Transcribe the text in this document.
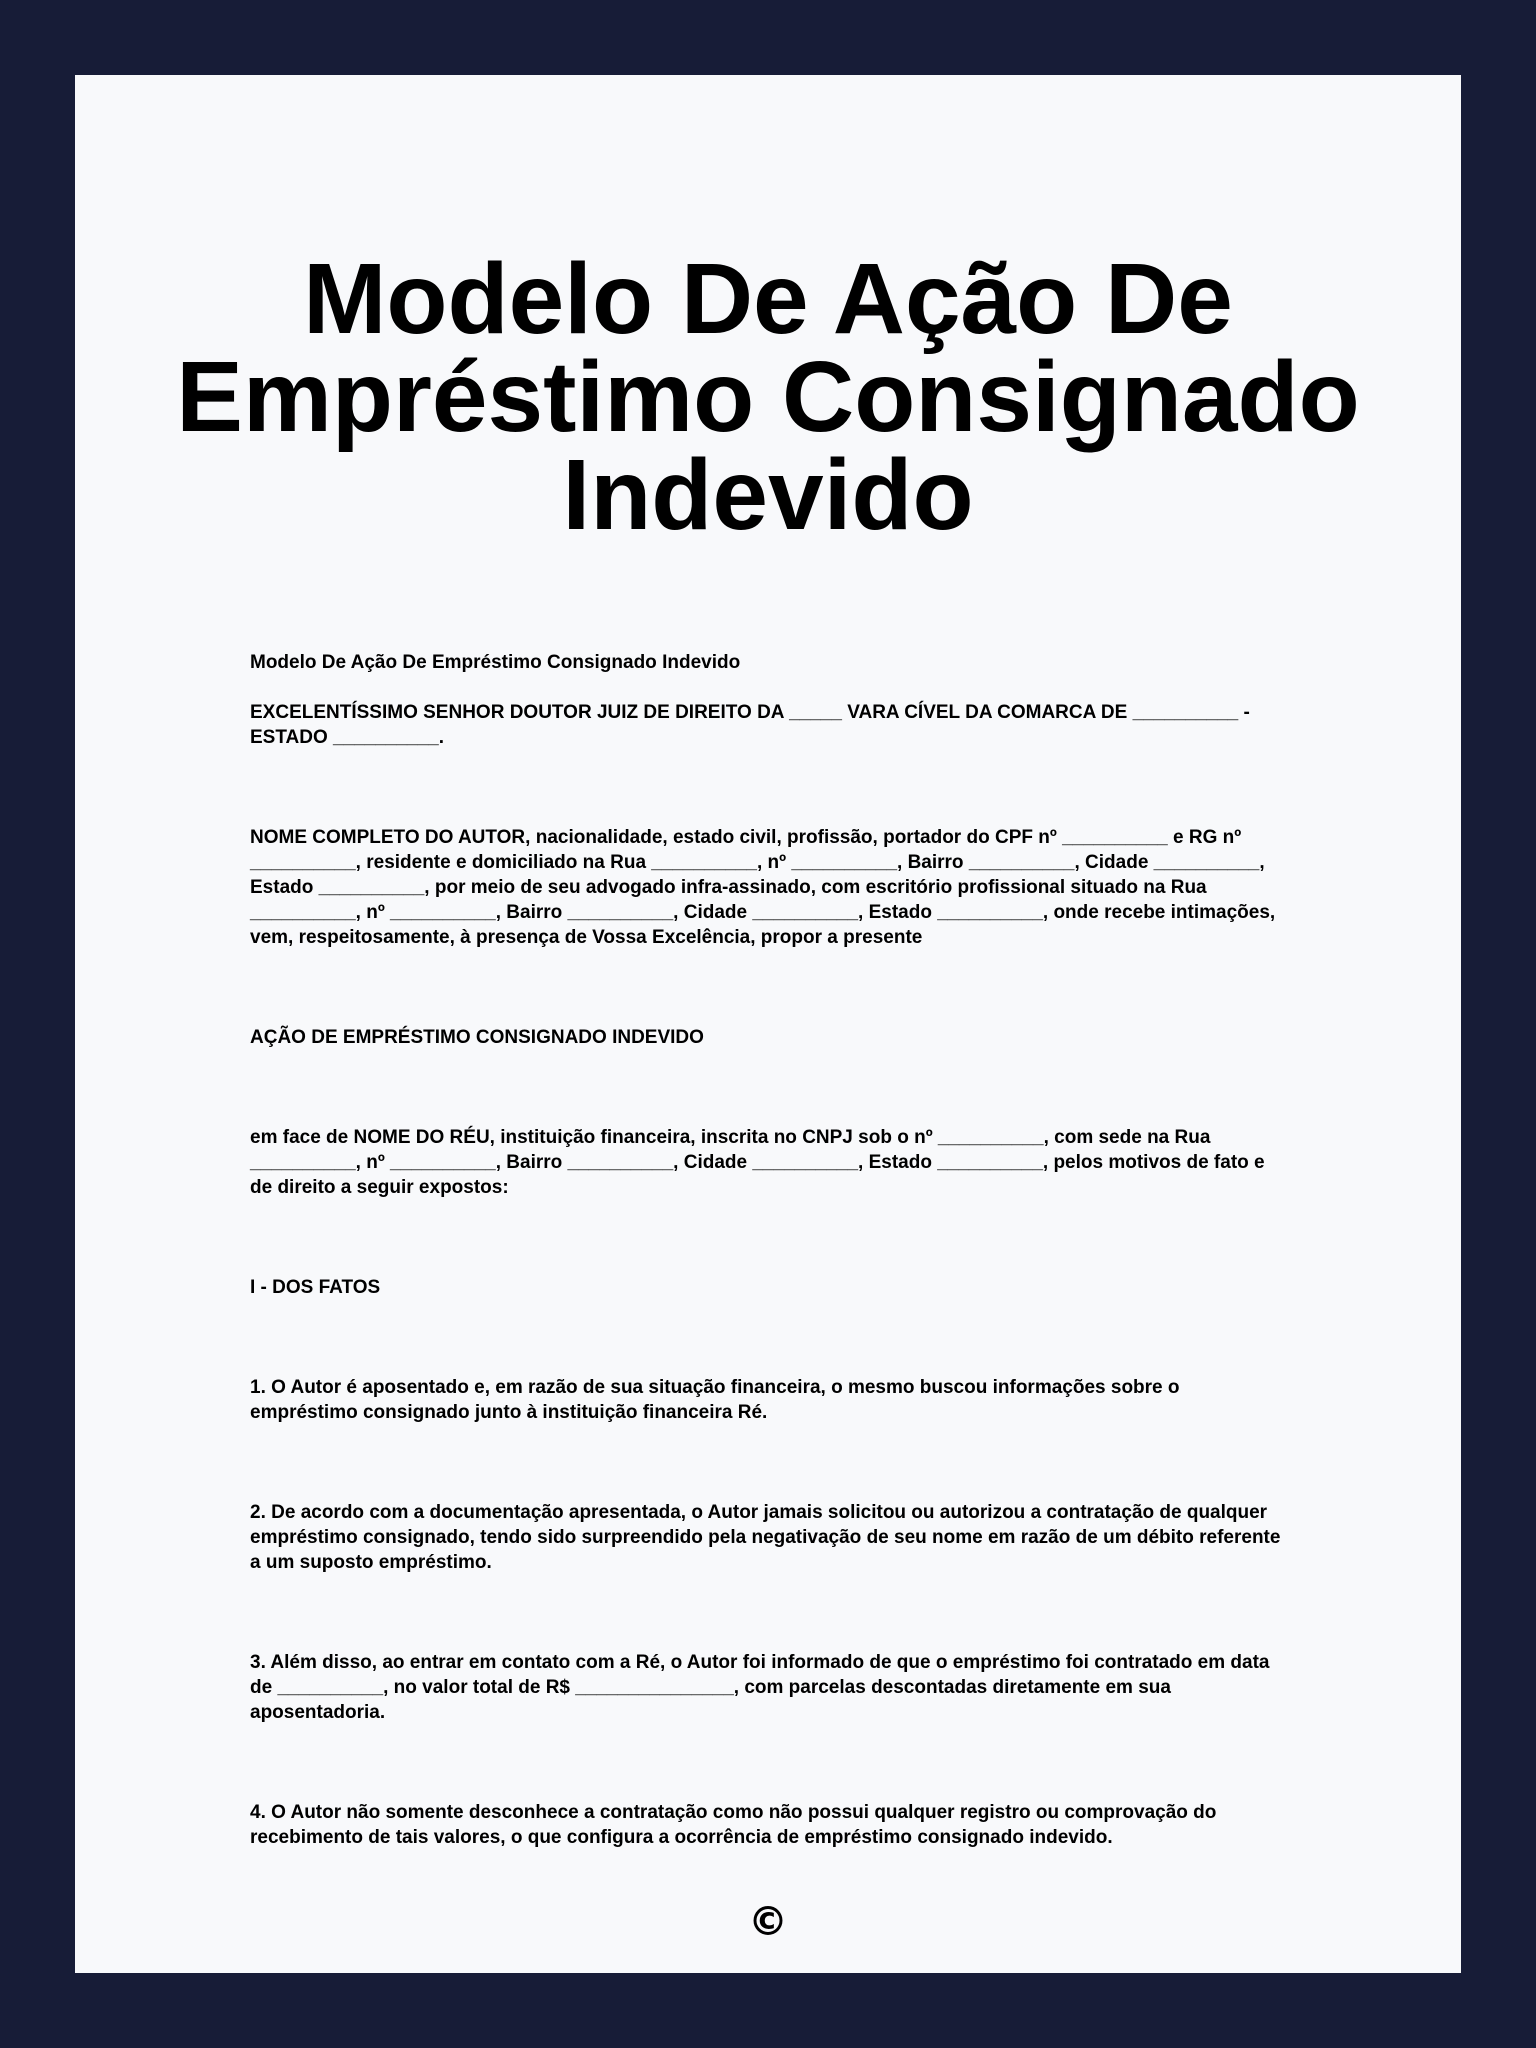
Modelo De Ação De Empréstimo Consignado Indevido

Modelo De Ação De Empréstimo Consignado Indevido

EXCELENTÍSSIMO SENHOR DOUTOR JUIZ DE DIREITO DA _____ VARA CÍVEL DA COMARCA DE __________ - ESTADO __________.

NOME COMPLETO DO AUTOR, nacionalidade, estado civil, profissão, portador do CPF nº __________ e RG nº __________, residente e domiciliado na Rua __________, nº __________, Bairro __________, Cidade __________, Estado __________, por meio de seu advogado infra-assinado, com escritório profissional situado na Rua __________, nº __________, Bairro __________, Cidade __________, Estado __________, onde recebe intimações, vem, respeitosamente, à presença de Vossa Excelência, propor a presente

AÇÃO DE EMPRÉSTIMO CONSIGNADO INDEVIDO

em face de NOME DO RÉU, instituição financeira, inscrita no CNPJ sob o nº __________, com sede na Rua __________, nº __________, Bairro __________, Cidade __________, Estado __________, pelos motivos de fato e de direito a seguir expostos:

I - DOS FATOS

1. O Autor é aposentado e, em razão de sua situação financeira, o mesmo buscou informações sobre o empréstimo consignado junto à instituição financeira Ré.

2. De acordo com a documentação apresentada, o Autor jamais solicitou ou autorizou a contratação de qualquer empréstimo consignado, tendo sido surpreendido pela negativação de seu nome em razão de um débito referente a um suposto empréstimo.

3. Além disso, ao entrar em contato com a Ré, o Autor foi informado de que o empréstimo foi contratado em data de __________, no valor total de R$ _______________, com parcelas descontadas diretamente em sua aposentadoria.

4. O Autor não somente desconhece a contratação como não possui qualquer registro ou comprovação do recebimento de tais valores, o que configura a ocorrência de empréstimo consignado indevido.

©
